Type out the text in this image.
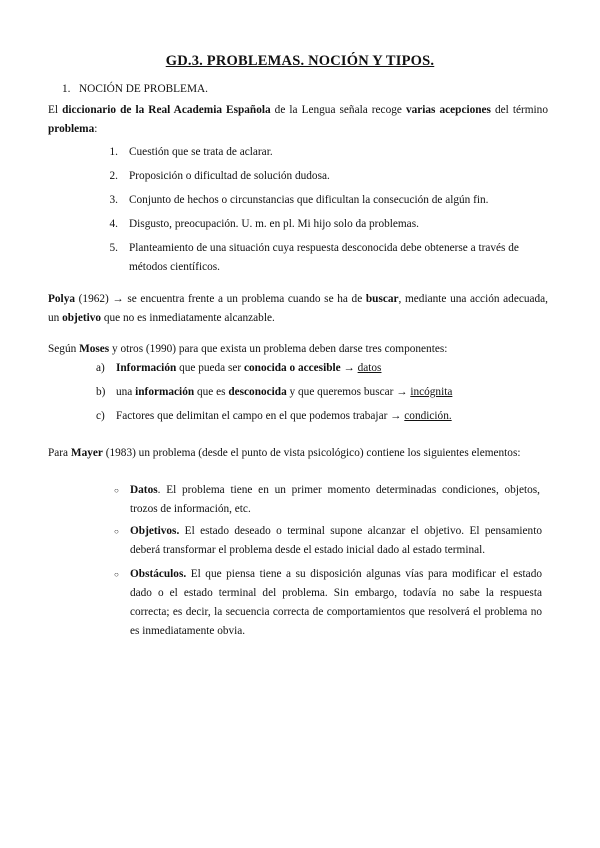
GD.3. PROBLEMAS. NOCIÓN Y TIPOS.
1. NOCIÓN DE PROBLEMA.
El diccionario de la Real Academia Española de la Lengua señala recoge varias acepciones del término problema:
1. Cuestión que se trata de aclarar.
2. Proposición o dificultad de solución dudosa.
3. Conjunto de hechos o circunstancias que dificultan la consecución de algún fin.
4. Disgusto, preocupación. U. m. en pl. Mi hijo solo da problemas.
5. Planteamiento de una situación cuya respuesta desconocida debe obtenerse a través de métodos científicos.
Polya (1962) → se encuentra frente a un problema cuando se ha de buscar, mediante una acción adecuada, un objetivo que no es inmediatamente alcanzable.
Según Moses y otros (1990) para que exista un problema deben darse tres componentes:
a) Información que pueda ser conocida o accesible → datos
b) una información que es desconocida y que queremos buscar → incógnita
c) Factores que delimitan el campo en el que podemos trabajar → condición.
Para Mayer (1983) un problema (desde el punto de vista psicológico) contiene los siguientes elementos:
○ Datos. El problema tiene en un primer momento determinadas condiciones, objetos, trozos de información, etc.
○ Objetivos. El estado deseado o terminal supone alcanzar el objetivo. El pensamiento deberá transformar el problema desde el estado inicial dado al estado terminal.
○ Obstáculos. El que piensa tiene a su disposición algunas vías para modificar el estado dado o el estado terminal del problema. Sin embargo, todavía no sabe la respuesta correcta; es decir, la secuencia correcta de comportamientos que resolverá el problema no es inmediatamente obvia.
